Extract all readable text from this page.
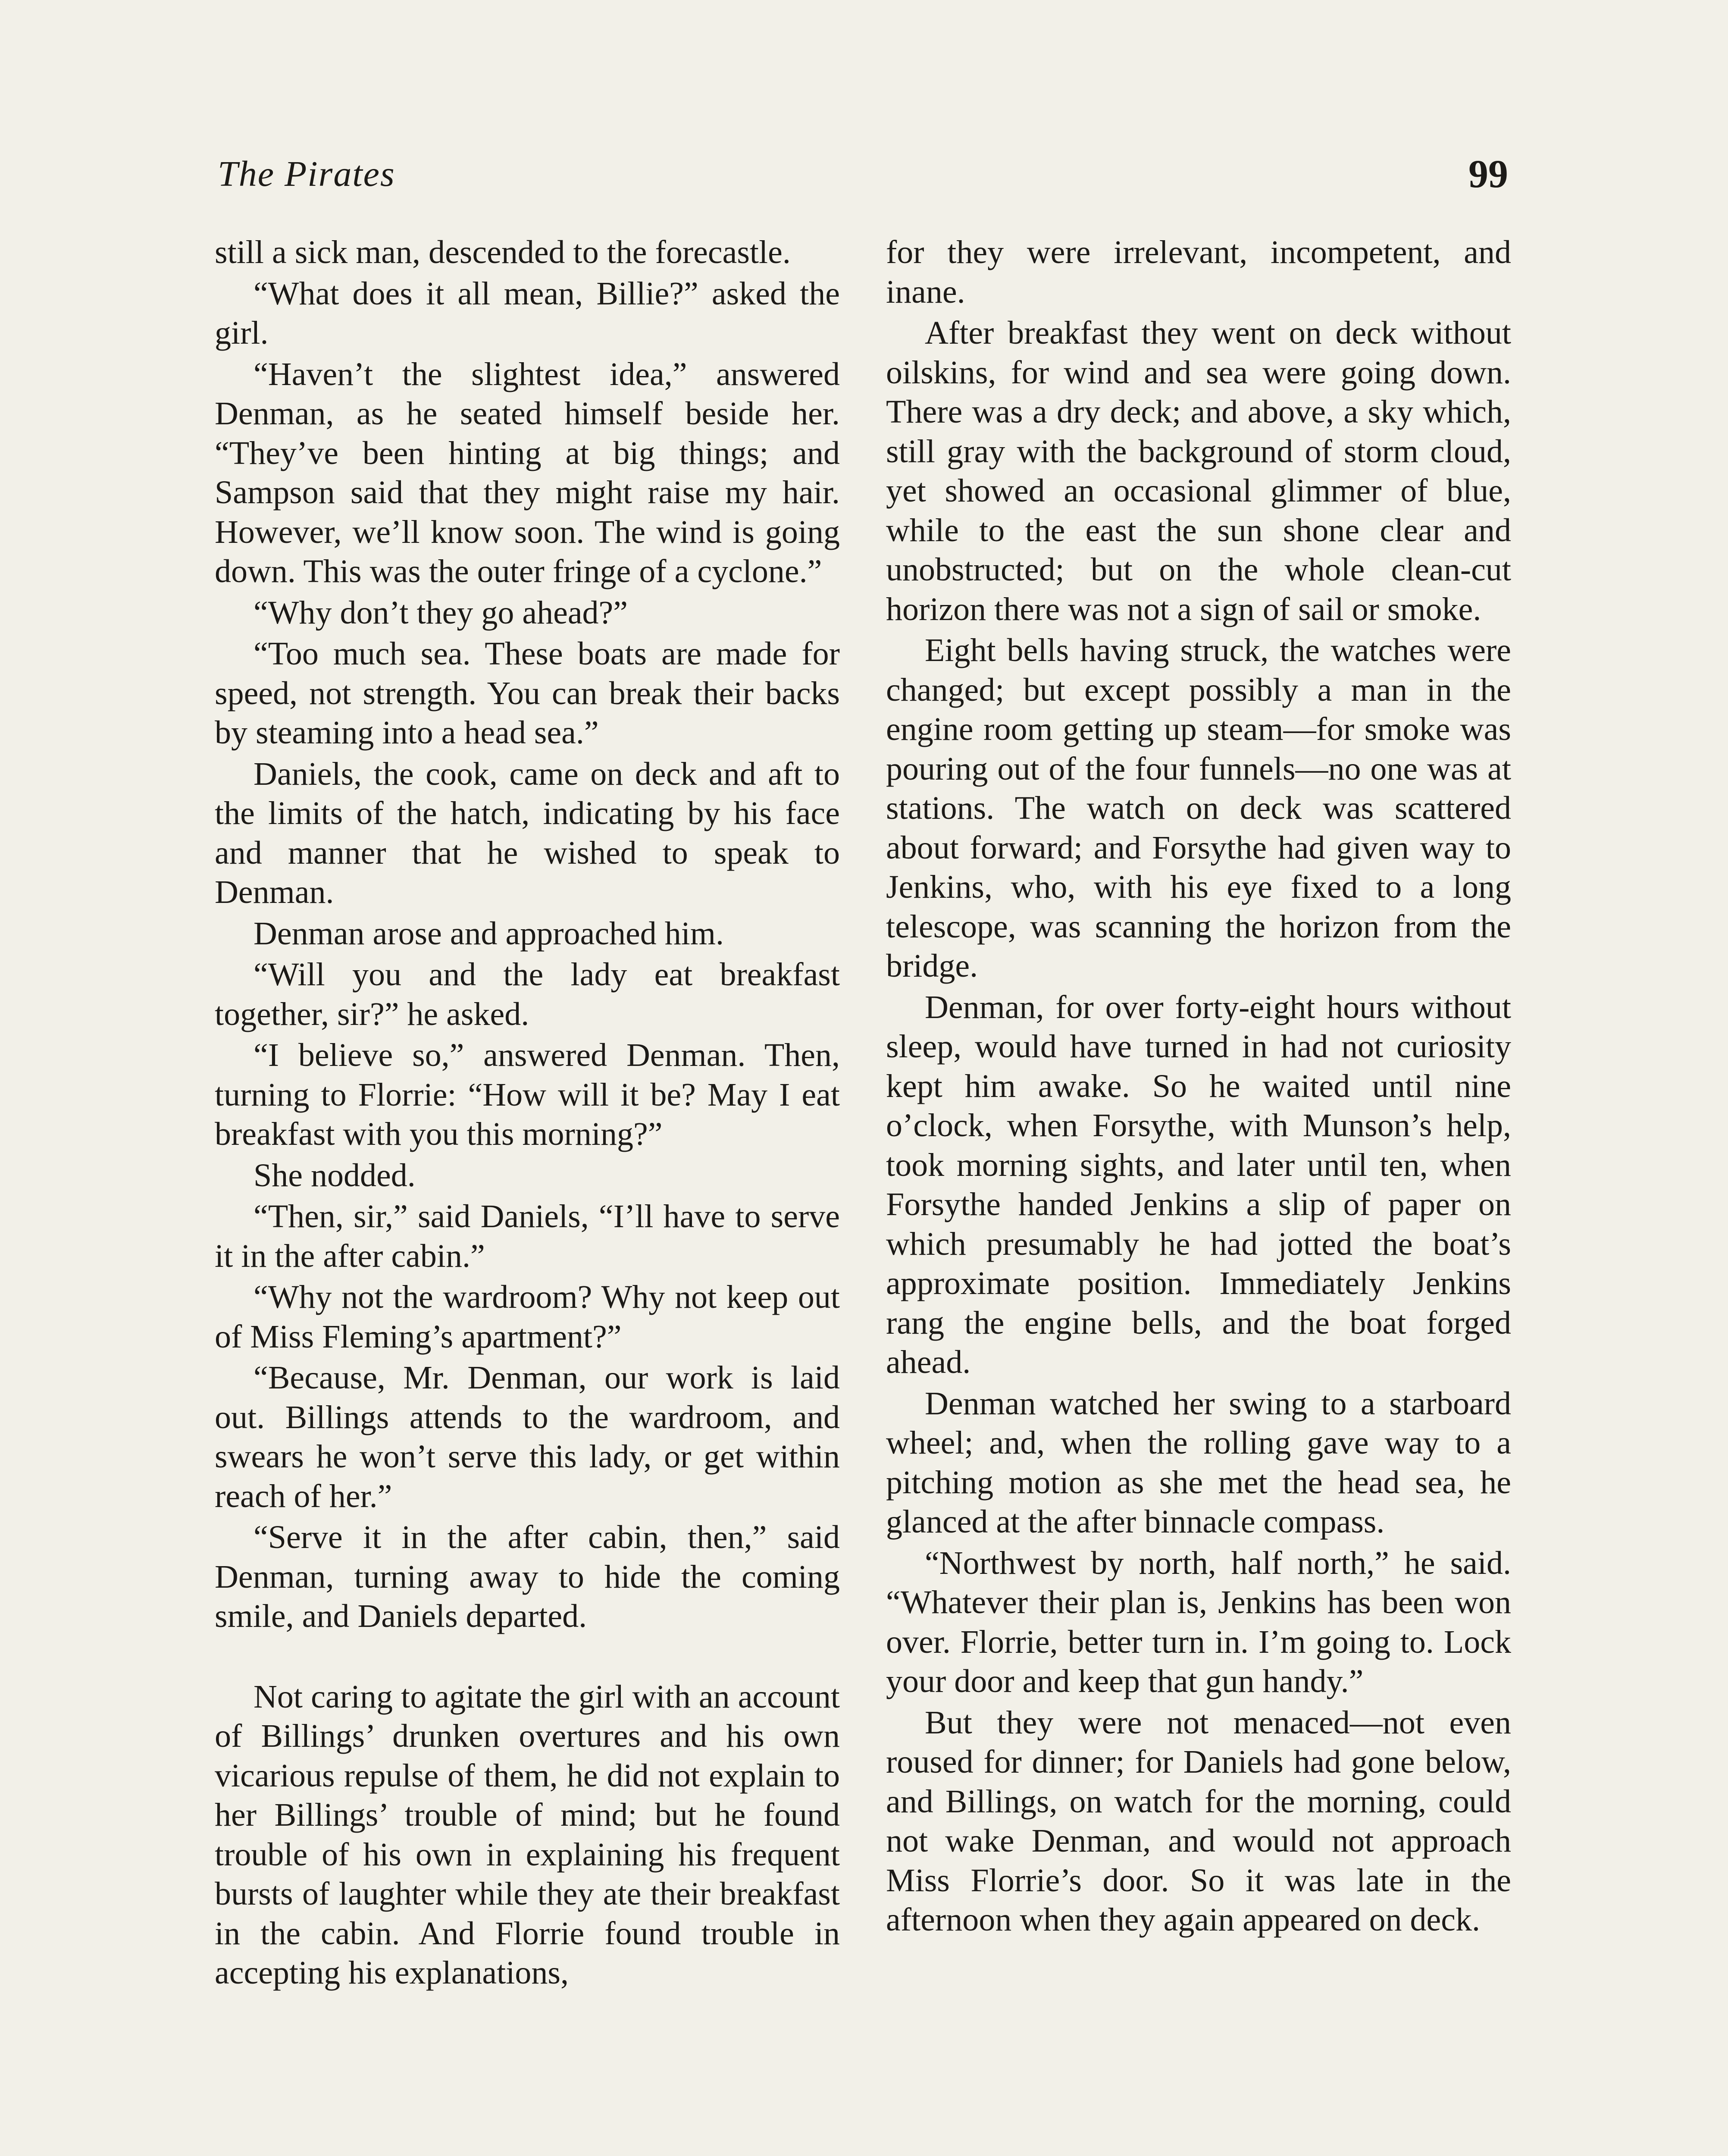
The Pirates	99

still a sick man, descended to the forecastle.

“What does it all mean, Billie?” asked the girl.

“Haven’t the slightest idea,” answered Denman, as he seated himself beside her. “They’ve been hinting at big things; and Sampson said that they might raise my hair. However, we’ll know soon. The wind is going down. This was the outer fringe of a cyclone.”

“Why don’t they go ahead?”

“Too much sea. These boats are made for speed, not strength. You can break their backs by steaming into a head sea.”

Daniels, the cook, came on deck and aft to the limits of the hatch, indicating by his face and manner that he wished to speak to Denman.

Denman arose and approached him.

“Will you and the lady eat breakfast together, sir?” he asked.

“I believe so,” answered Denman. Then, turning to Florrie: “How will it be? May I eat breakfast with you this morning?”

She nodded.

“Then, sir,” said Daniels, “I’ll have to serve it in the after cabin.”

“Why not the wardroom? Why not keep out of Miss Fleming’s apartment?”

“Because, Mr. Denman, our work is laid out. Billings attends to the wardroom, and swears he won’t serve this lady, or get within reach of her.”

“Serve it in the after cabin, then,” said Denman, turning away to hide the coming smile, and Daniels departed.

Not caring to agitate the girl with an account of Billings’ drunken overtures and his own vicarious repulse of them, he did not explain to her Billings’ trouble of mind; but he found trouble of his own in explaining his frequent bursts of laughter while they ate their breakfast in the cabin. And Florrie found trouble in accepting his explanations,

for they were irrelevant, incompetent, and inane.

After breakfast they went on deck without oilskins, for wind and sea were going down. There was a dry deck; and above, a sky which, still gray with the background of storm cloud, yet showed an occasional glimmer of blue, while to the east the sun shone clear and unobstructed; but on the whole clean-cut horizon there was not a sign of sail or smoke.

Eight bells having struck, the watches were changed; but except possibly a man in the engine room getting up steam—for smoke was pouring out of the four funnels—no one was at stations. The watch on deck was scattered about forward; and Forsythe had given way to Jenkins, who, with his eye fixed to a long telescope, was scanning the horizon from the bridge.

Denman, for over forty-eight hours without sleep, would have turned in had not curiosity kept him awake. So he waited until nine o’clock, when Forsythe, with Munson’s help, took morning sights, and later until ten, when Forsythe handed Jenkins a slip of paper on which presumably he had jotted the boat’s approximate position. Immediately Jenkins rang the engine bells, and the boat forged ahead.

Denman watched her swing to a starboard wheel; and, when the rolling gave way to a pitching motion as she met the head sea, he glanced at the after binnacle compass.

“Northwest by north, half north,” he said. “Whatever their plan is, Jenkins has been won over. Florrie, better turn in. I’m going to. Lock your door and keep that gun handy.”

But they were not menaced—not even roused for dinner; for Daniels had gone below, and Billings, on watch for the morning, could not wake Denman, and would not approach Miss Florrie’s door. So it was late in the afternoon when they again appeared on deck.
